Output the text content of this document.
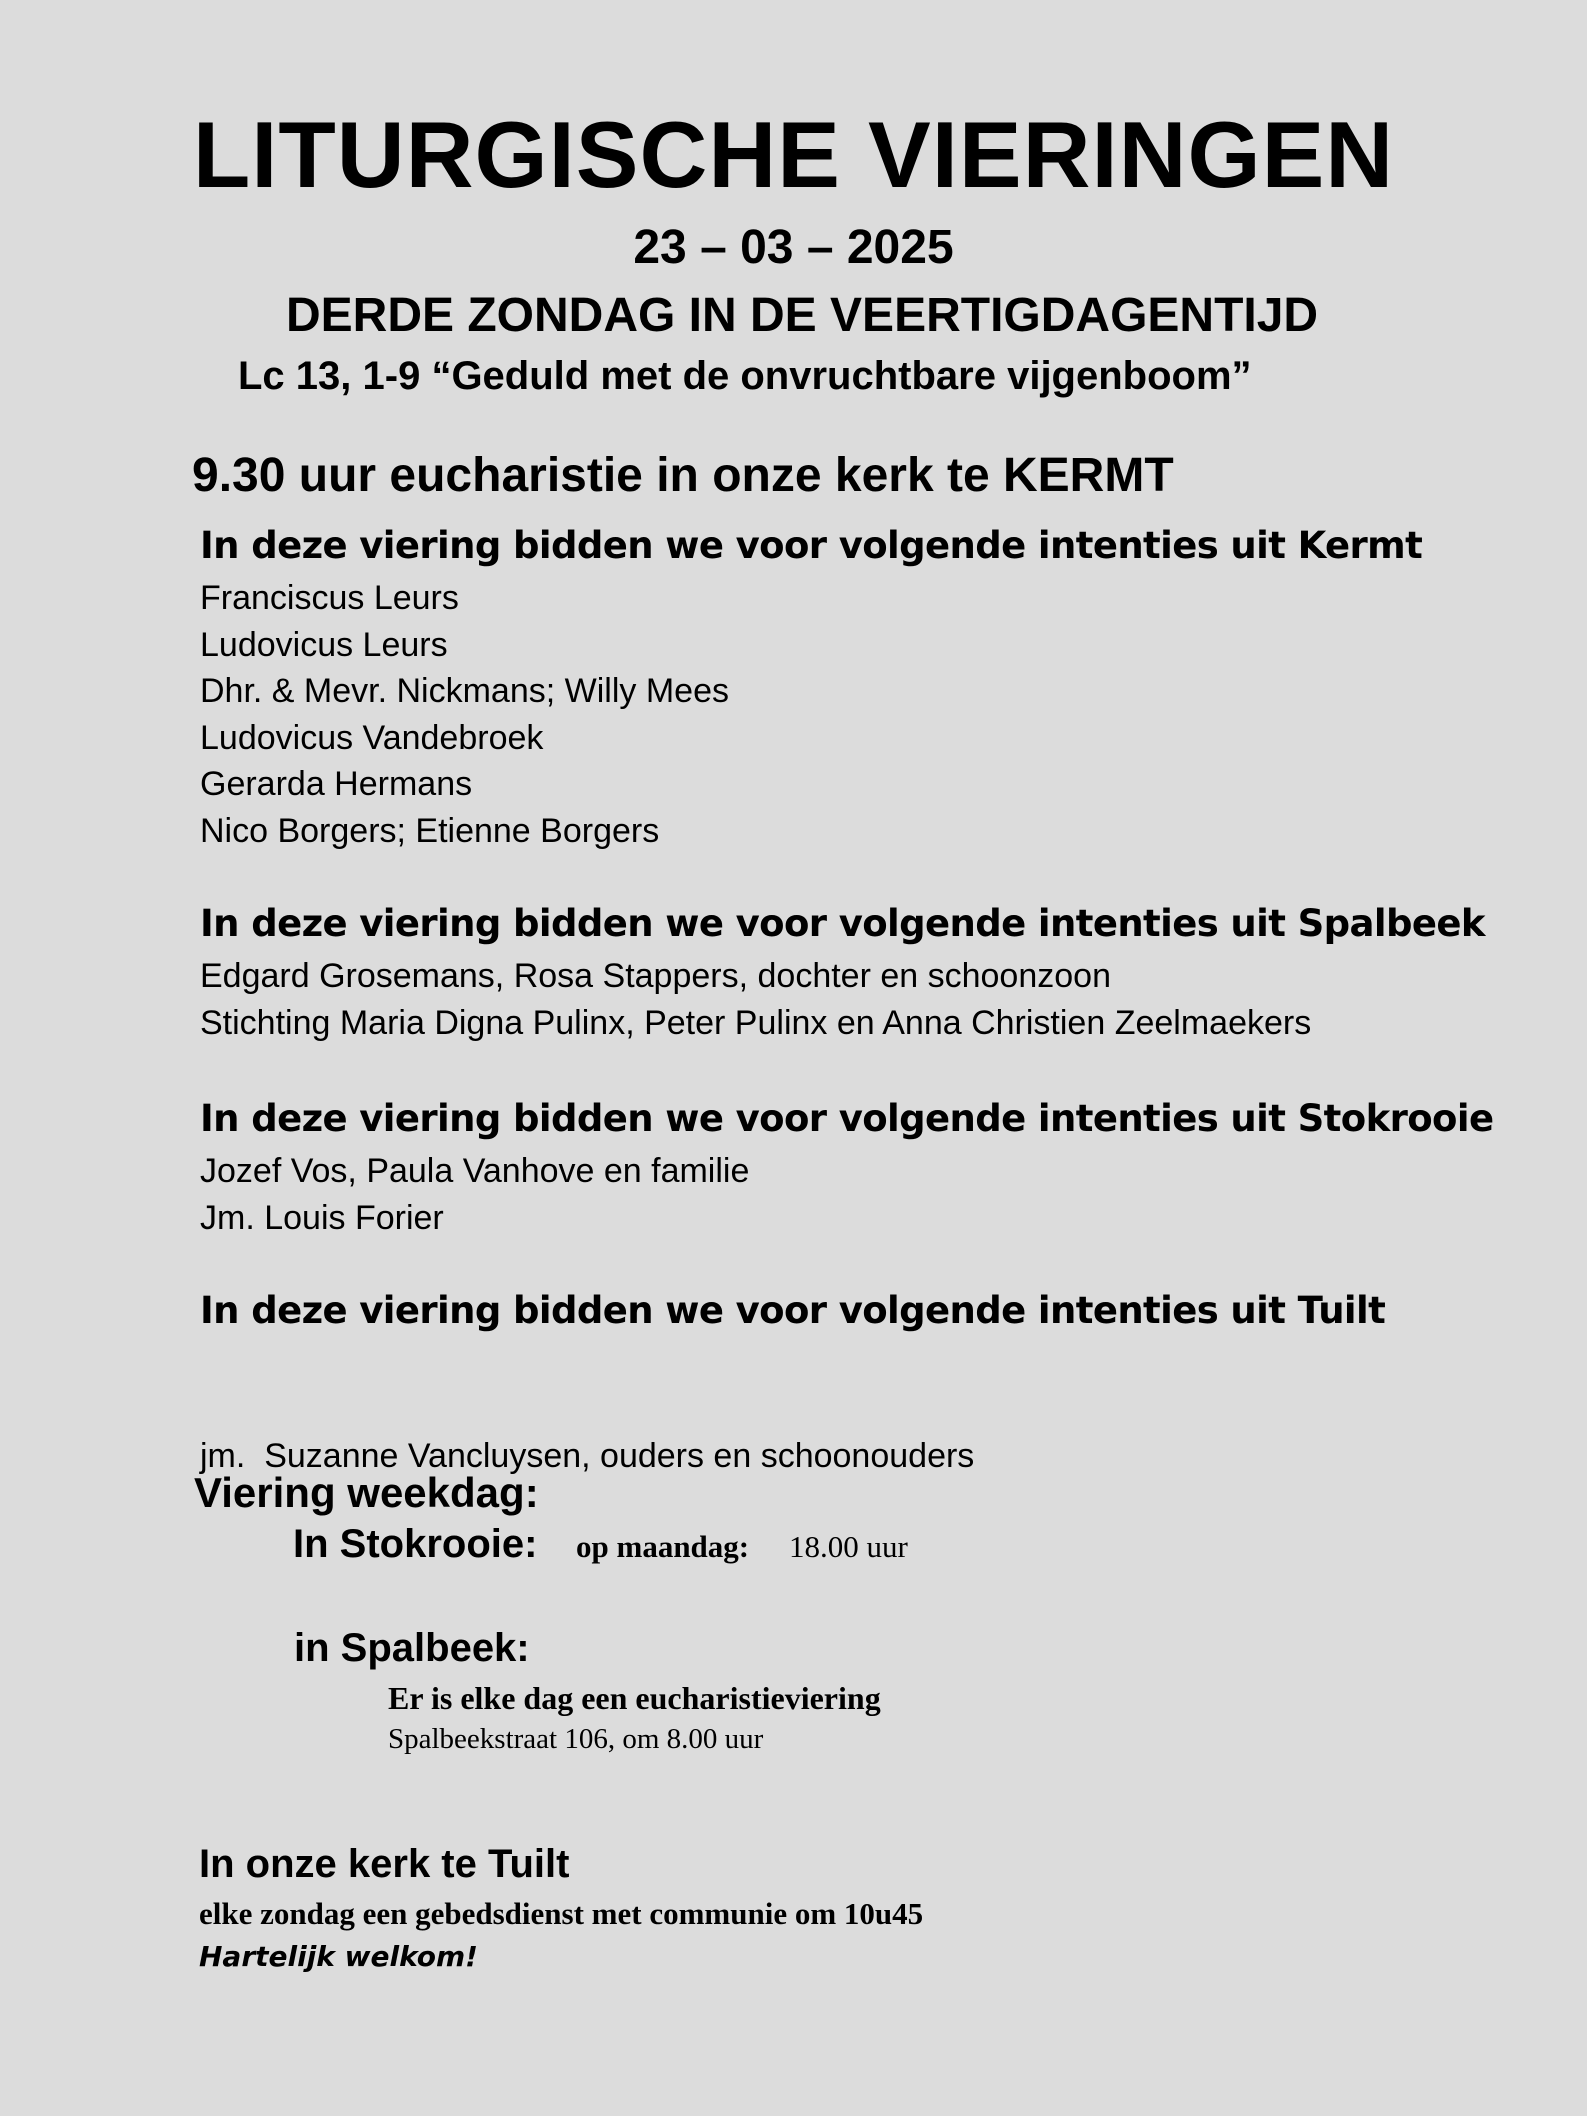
LITURGISCHE VIERINGEN
23 – 03 – 2025
DERDE ZONDAG IN DE VEERTIGDAGENTIJD
Lc 13, 1-9 “Geduld met de onvruchtbare vijgenboom”
9.30 uur eucharistie in onze kerk te KERMT
In deze viering bidden we voor volgende intenties uit Kermt
Franciscus Leurs
Ludovicus Leurs
Dhr. & Mevr. Nickmans; Willy Mees
Ludovicus Vandebroek
Gerarda Hermans
Nico Borgers; Etienne Borgers
In deze viering bidden we voor volgende intenties uit Spalbeek
Edgard Grosemans, Rosa Stappers, dochter en schoonzoon
Stichting Maria Digna Pulinx, Peter Pulinx en Anna Christien Zeelmaekers
In deze viering bidden we voor volgende intenties uit Stokrooie
Jozef Vos, Paula Vanhove en familie
Jm. Louis Forier
In deze viering bidden we voor volgende intenties uit Tuilt

jm.  Suzanne Vancluysen, ouders en schoonouders

Viering weekdag:
In Stokrooie: op maandag: 18.00 uur
in Spalbeek:
Er is elke dag een eucharistieviering
Spalbeekstraat 106, om 8.00 uur
In onze kerk te Tuilt
elke zondag een gebedsdienst met communie om 10u45
Hartelijk welkom!
